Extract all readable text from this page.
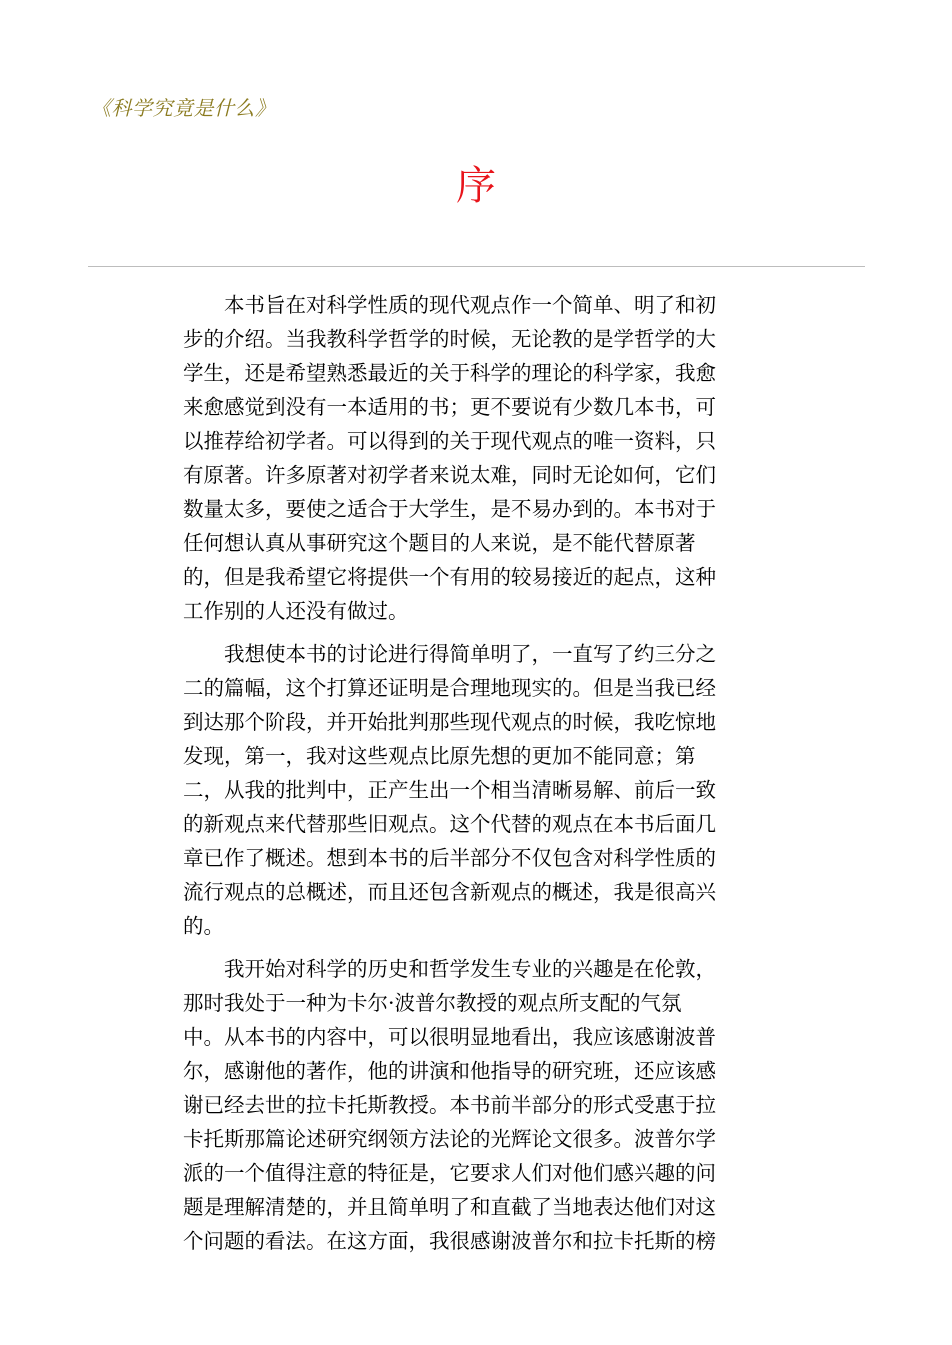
《科学究竟是什么》
序

本书旨在对科学性质的现代观点作一个简单、明了和初
步的介绍。当我教科学哲学的时候，无论教的是学哲学的大
学生，还是希望熟悉最近的关于科学的理论的科学家，我愈
来愈感觉到没有一本适用的书；更不要说有少数几本书，可
以推荐给初学者。可以得到的关于现代观点的唯一资料，只
有原著。许多原著对初学者来说太难，同时无论如何，它们
数量太多，要使之适合于大学生，是不易办到的。本书对于
任何想认真从事研究这个题目的人来说，是不能代替原著
的，但是我希望它将提供一个有用的较易接近的起点，这种
工作别的人还没有做过。

我想使本书的讨论进行得简单明了，一直写了约三分之
二的篇幅，这个打算还证明是合理地现实的。但是当我已经
到达那个阶段，并开始批判那些现代观点的时候，我吃惊地
发现，第一，我对这些观点比原先想的更加不能同意；第
二，从我的批判中，正产生出一个相当清晰易解、前后一致
的新观点来代替那些旧观点。这个代替的观点在本书后面几
章已作了概述。想到本书的后半部分不仅包含对科学性质的
流行观点的总概述，而且还包含新观点的概述，我是很高兴
的。

我开始对科学的历史和哲学发生专业的兴趣是在伦敦，
那时我处于一种为卡尔·波普尔教授的观点所支配的气氛
中。从本书的内容中，可以很明显地看出，我应该感谢波普
尔，感谢他的著作，他的讲演和他指导的研究班，还应该感
谢已经去世的拉卡托斯教授。本书前半部分的形式受惠于拉
卡托斯那篇论述研究纲领方法论的光辉论文很多。波普尔学
派的一个值得注意的特征是，它要求人们对他们感兴趣的问
题是理解清楚的，并且简单明了和直截了当地表达他们对这
个问题的看法。在这方面，我很感谢波普尔和拉卡托斯的榜
